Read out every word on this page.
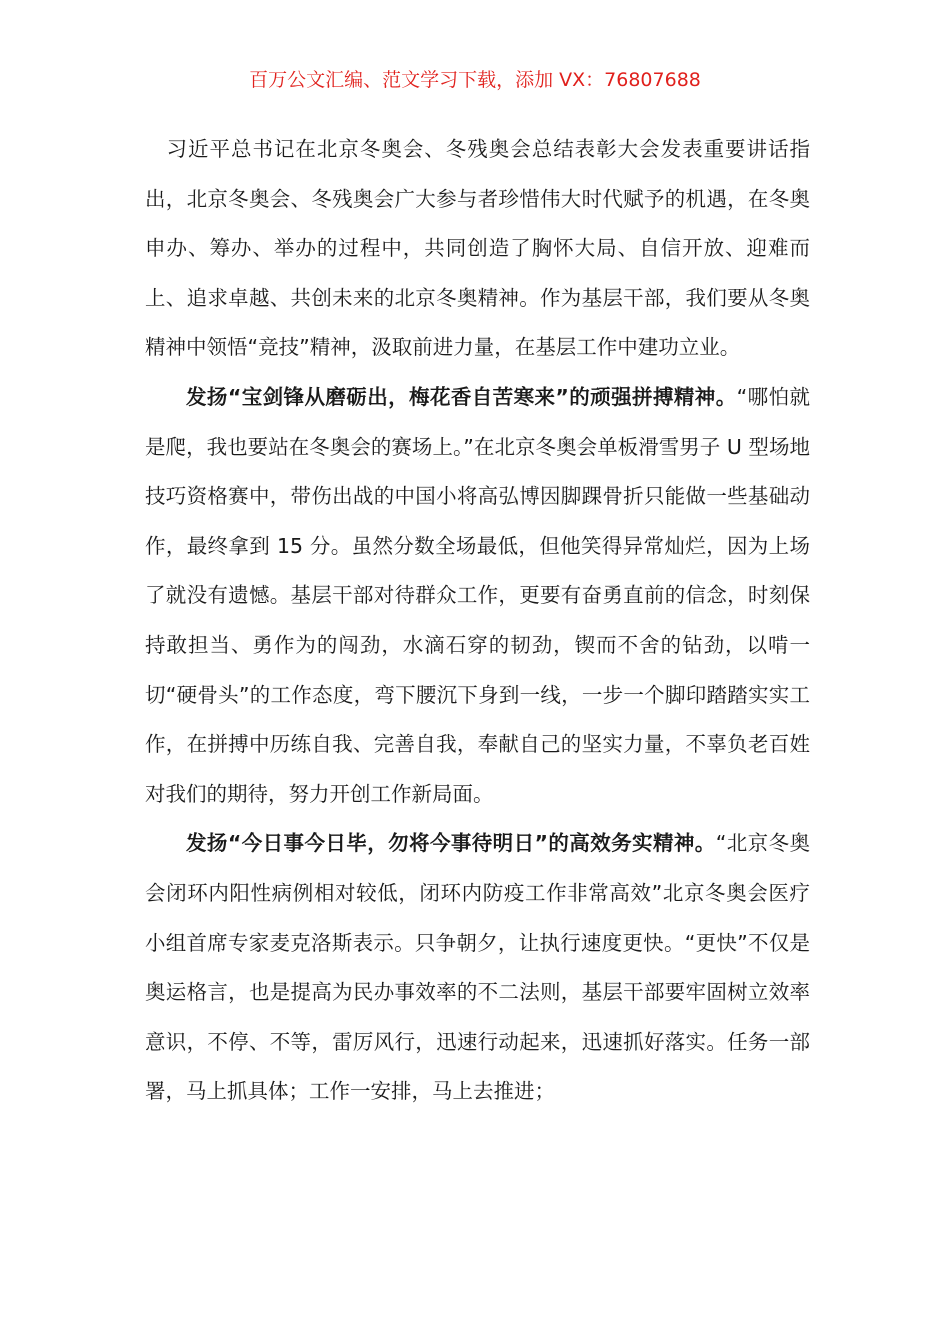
百万公文汇编、范文学习下载，添加 VX：76807688

习近平总书记在北京冬奥会、冬残奥会总结表彰大会发表重要讲话指出，北京冬奥会、冬残奥会广大参与者珍惜伟大时代赋予的机遇，在冬奥申办、筹办、举办的过程中，共同创造了胸怀大局、自信开放、迎难而上、追求卓越、共创未来的北京冬奥精神。作为基层干部，我们要从冬奥精神中领悟“竞技”精神，汲取前进力量，在基层工作中建功立业。

发扬“宝剑锋从磨砺出，梅花香自苦寒来”的顽强拼搏精神。“哪怕就是爬，我也要站在冬奥会的赛场上。”在北京冬奥会单板滑雪男子 U 型场地技巧资格赛中，带伤出战的中国小将高弘博因脚踝骨折只能做一些基础动作，最终拿到 15 分。虽然分数全场最低，但他笑得异常灿烂，因为上场了就没有遗憾。基层干部对待群众工作，更要有奋勇直前的信念，时刻保持敢担当、勇作为的闯劲，水滴石穿的韧劲，锲而不舍的钻劲，以啃一切“硬骨头”的工作态度，弯下腰沉下身到一线，一步一个脚印踏踏实实工作，在拼搏中历练自我、完善自我，奉献自己的坚实力量，不辜负老百姓对我们的期待，努力开创工作新局面。

发扬“今日事今日毕，勿将今事待明日”的高效务实精神。“北京冬奥会闭环内阳性病例相对较低，闭环内防疫工作非常高效”北京冬奥会医疗小组首席专家麦克洛斯表示。只争朝夕，让执行速度更快。“更快”不仅是奥运格言，也是提高为民办事效率的不二法则，基层干部要牢固树立效率意识，不停、不等，雷厉风行，迅速行动起来，迅速抓好落实。任务一部署，马上抓具体；工作一安排，马上去推进；
